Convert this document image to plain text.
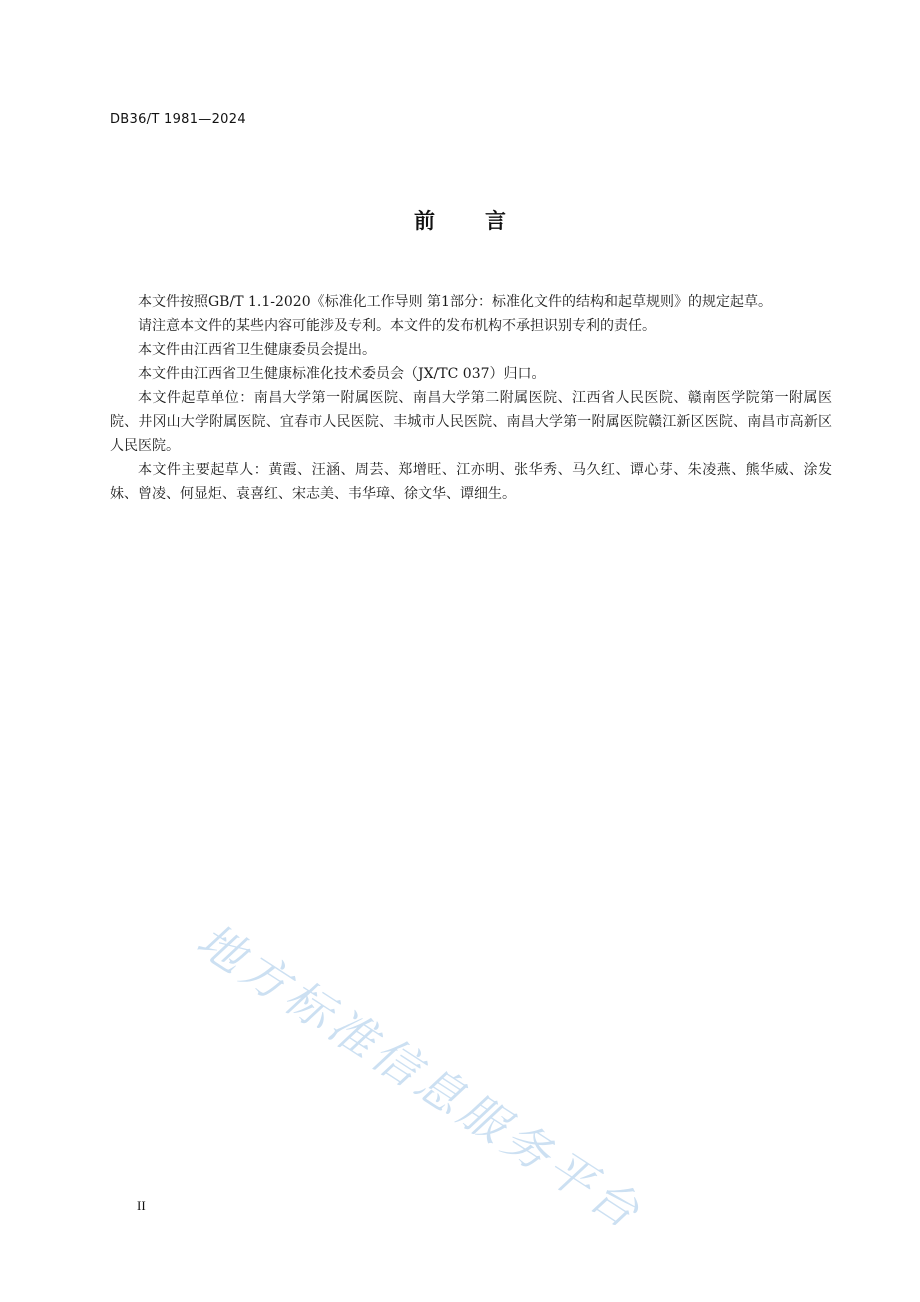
DB36/T 1981—2024
前言

本文件按照GB/T 1.1-2020《标准化工作导则 第1部分：标准化文件的结构和起草规则》的规定起草。

请注意本文件的某些内容可能涉及专利。本文件的发布机构不承担识别专利的责任。

本文件由江西省卫生健康委员会提出。

本文件由江西省卫生健康标准化技术委员会（JX/TC 037）归口。

本文件起草单位：南昌大学第一附属医院、南昌大学第二附属医院、江西省人民医院、赣南医学院第一附属医院、井冈山大学附属医院、宜春市人民医院、丰城市人民医院、南昌大学第一附属医院赣江新区医院、南昌市高新区人民医院。

本文件主要起草人：黄霞、汪涵、周芸、郑增旺、江亦明、张华秀、马久红、谭心芽、朱凌燕、熊华威、涂发妹、曾凌、何显炬、袁喜红、宋志美、韦华璋、徐文华、谭细生。

地方标准信息服务平台
II
